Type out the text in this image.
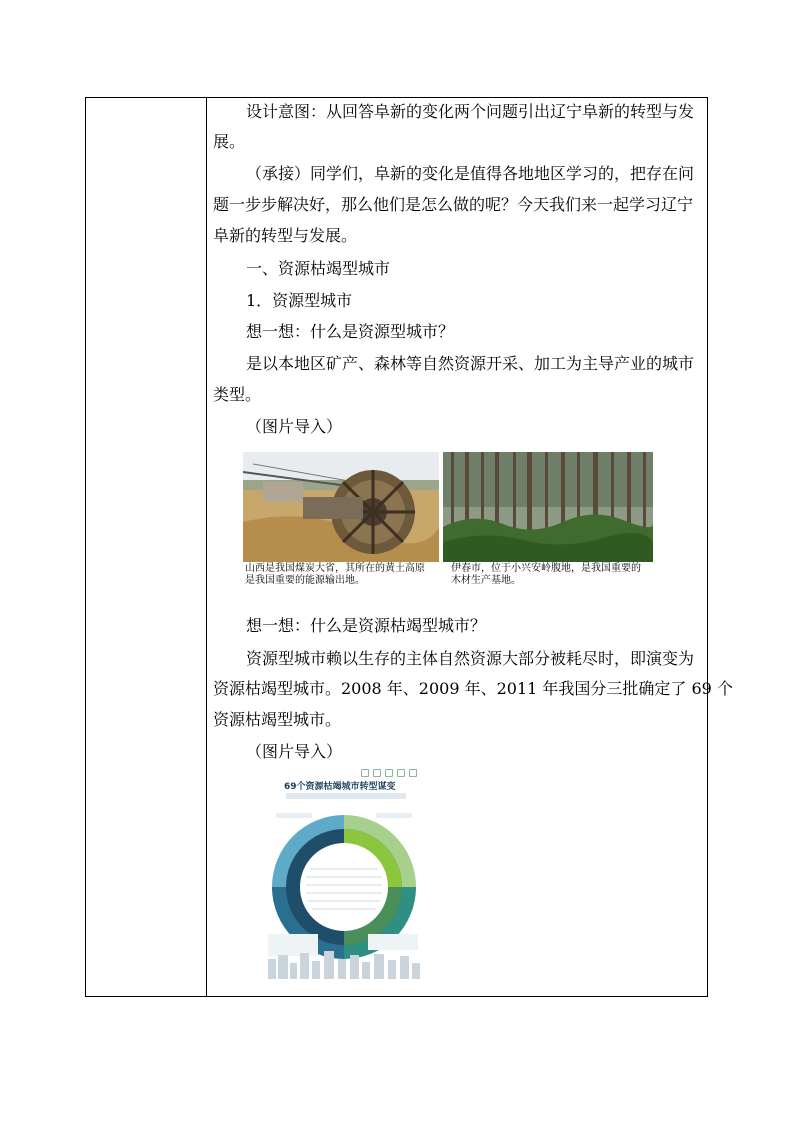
设计意图：从回答阜新的变化两个问题引出辽宁阜新的转型与发

展。

（承接）同学们，阜新的变化是值得各地地区学习的，把存在问

题一步步解决好，那么他们是怎么做的呢？今天我们来一起学习辽宁

阜新的转型与发展。

一、资源枯竭型城市

1．资源型城市

想一想：什么是资源型城市？

是以本地区矿产、森林等自然资源开采、加工为主导产业的城市

类型。

（图片导入）

山西是我国煤炭大省，其所在的黄土高原
是我国重要的能源输出地。
伊春市，位于小兴安岭腹地，是我国重要的
木材生产基地。

想一想：什么是资源枯竭型城市？

资源型城市赖以生存的主体自然资源大部分被耗尽时，即演变为

资源枯竭型城市。2008 年、2009 年、2011 年我国分三批确定了 69 个

资源枯竭型城市。

（图片导入）

69个资源枯竭城市转型谋变
